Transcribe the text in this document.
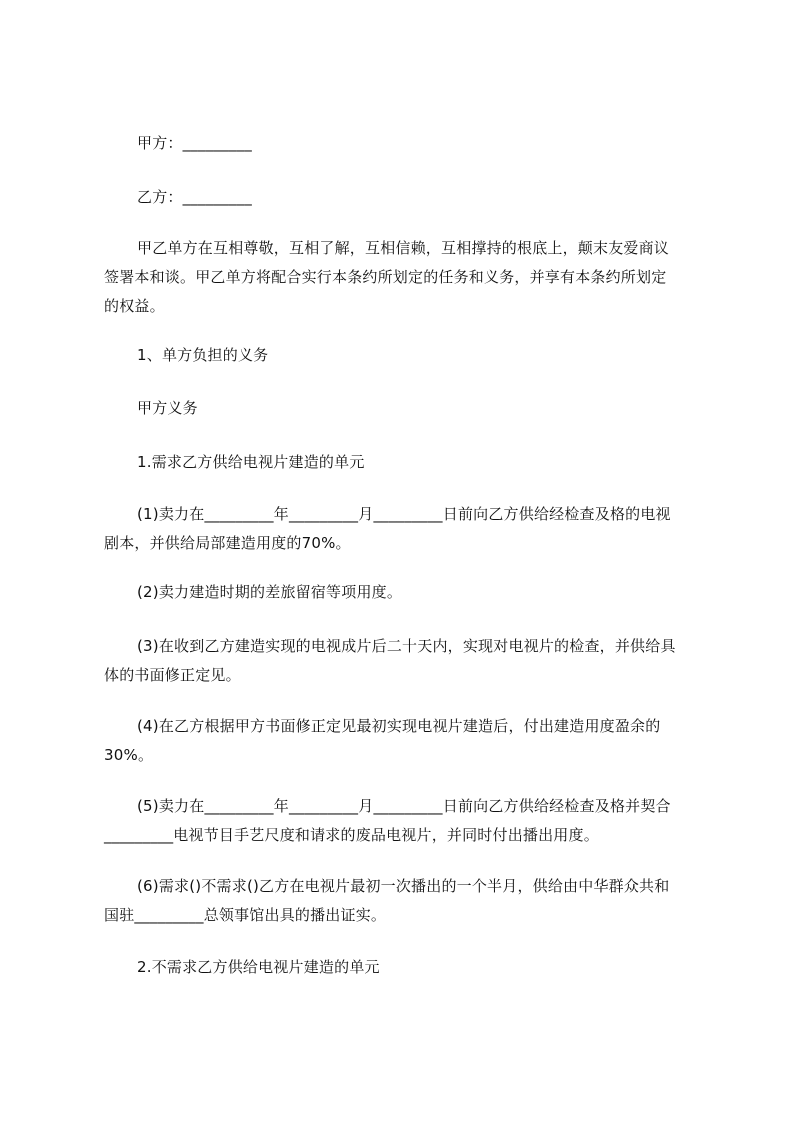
甲方：_________
乙方：_________
甲乙单方在互相尊敬，互相了解，互相信赖，互相撑持的根底上，颠末友爱商议
签署本和谈。甲乙单方将配合实行本条约所划定的任务和义务，并享有本条约所划定
的权益。
1、单方负担的义务
甲方义务
1.需求乙方供给电视片建造的单元
(1)卖力在_________年_________月_________日前向乙方供给经检查及格的电视
剧本，并供给局部建造用度的70%。
(2)卖力建造时期的差旅留宿等项用度。
(3)在收到乙方建造实现的电视成片后二十天内，实现对电视片的检查，并供给具
体的书面修正定见。
(4)在乙方根据甲方书面修正定见最初实现电视片建造后，付出建造用度盈余的
30%。
(5)卖力在_________年_________月_________日前向乙方供给经检查及格并契合
_________电视节目手艺尺度和请求的废品电视片，并同时付出播出用度。
(6)需求()不需求()乙方在电视片最初一次播出的一个半月，供给由中华群众共和
国驻_________总领事馆出具的播出证实。
2.不需求乙方供给电视片建造的单元
